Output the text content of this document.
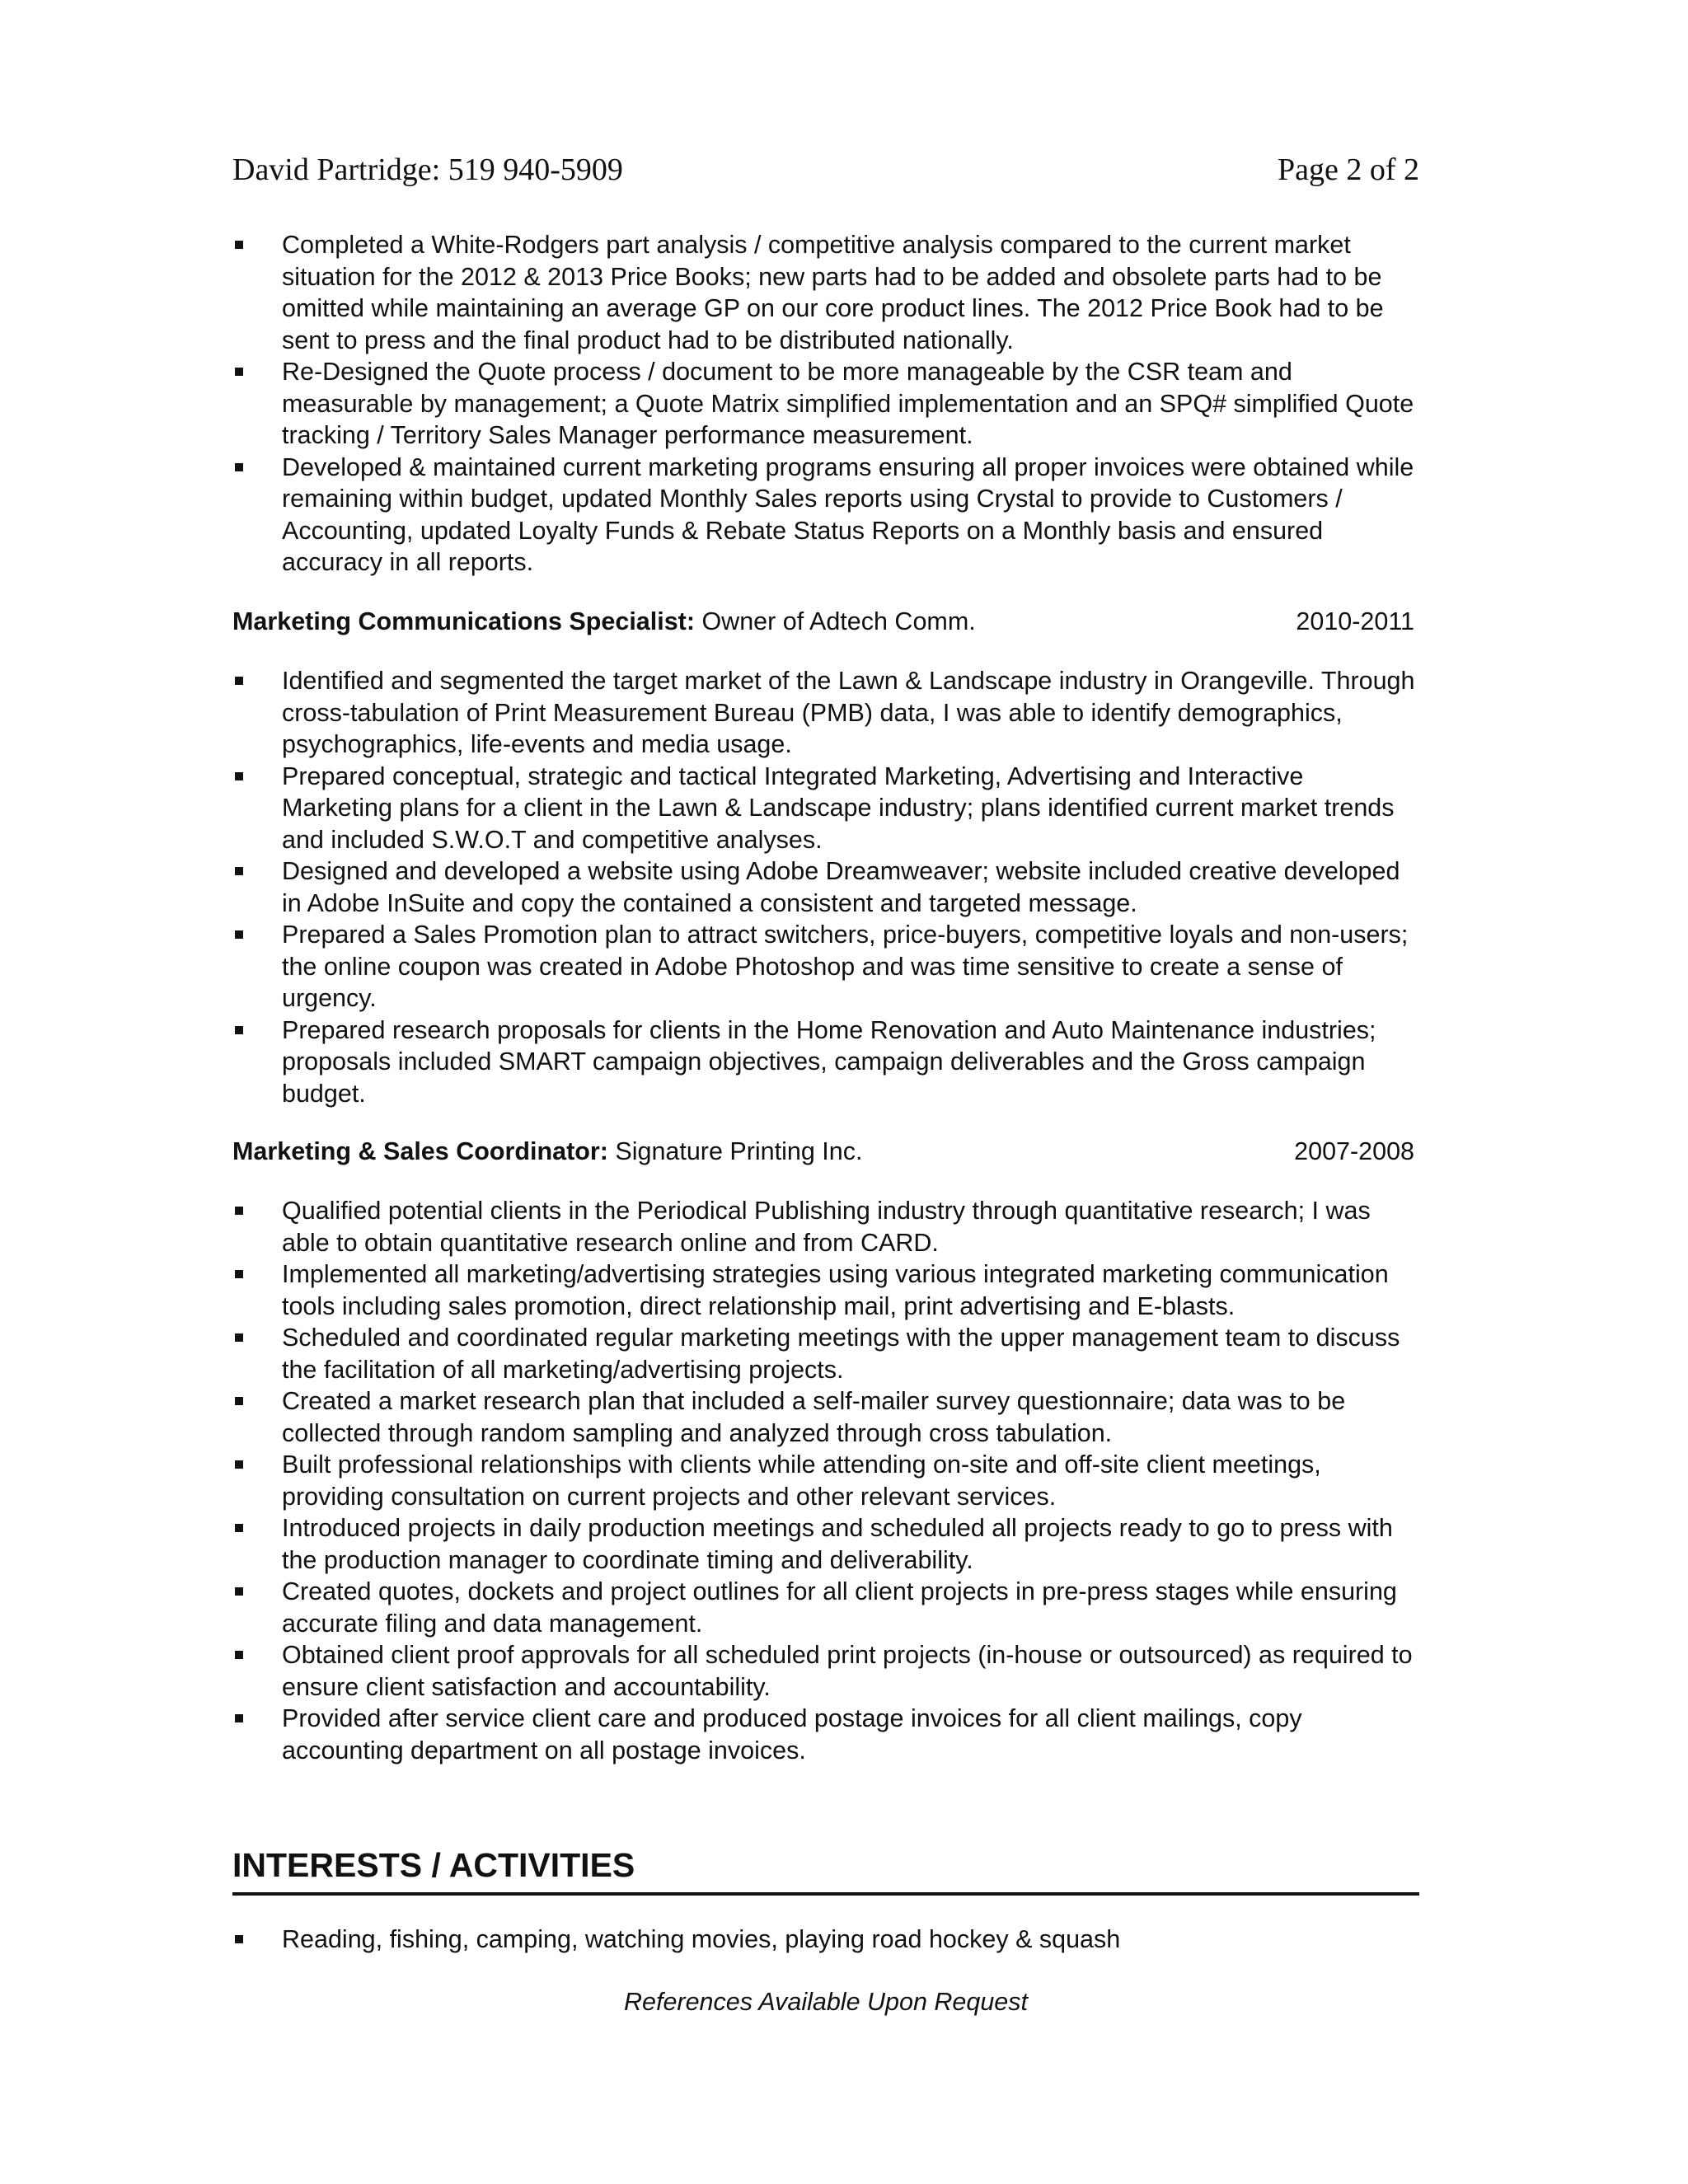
David Partridge: 519 940-5909	Page 2 of 2
Completed a White-Rodgers part analysis / competitive analysis compared to the current market situation for the 2012 & 2013 Price Books; new parts had to be added and obsolete parts had to be omitted while maintaining an average GP on our core product lines. The 2012 Price Book had to be sent to press and the final product had to be distributed nationally.
Re-Designed the Quote process / document to be more manageable by the CSR team and measurable by management; a Quote Matrix simplified implementation and an SPQ# simplified Quote tracking / Territory Sales Manager performance measurement.
Developed & maintained current marketing programs ensuring all proper invoices were obtained while remaining within budget, updated Monthly Sales reports using Crystal to provide to Customers / Accounting, updated Loyalty Funds & Rebate Status Reports on a Monthly basis and ensured accuracy in all reports.
Marketing Communications Specialist: Owner of Adtech Comm.	2010-2011
Identified and segmented the target market of the Lawn & Landscape industry in Orangeville. Through cross-tabulation of Print Measurement Bureau (PMB) data, I was able to identify demographics, psychographics, life-events and media usage.
Prepared conceptual, strategic and tactical Integrated Marketing, Advertising and Interactive Marketing plans for a client in the Lawn & Landscape industry; plans identified current market trends and included S.W.O.T and competitive analyses.
Designed and developed a website using Adobe Dreamweaver; website included creative developed in Adobe InSuite and copy the contained a consistent and targeted message.
Prepared a Sales Promotion plan to attract switchers, price-buyers, competitive loyals and non-users; the online coupon was created in Adobe Photoshop and was time sensitive to create a sense of urgency.
Prepared research proposals for clients in the Home Renovation and Auto Maintenance industries; proposals included SMART campaign objectives, campaign deliverables and the Gross campaign budget.
Marketing & Sales Coordinator: Signature Printing Inc.	2007-2008
Qualified potential clients in the Periodical Publishing industry through quantitative research; I was able to obtain quantitative research online and from CARD.
Implemented all marketing/advertising strategies using various integrated marketing communication tools including sales promotion, direct relationship mail, print advertising and E-blasts.
Scheduled and coordinated regular marketing meetings with the upper management team to discuss the facilitation of all marketing/advertising projects.
Created a market research plan that included a self-mailer survey questionnaire; data was to be collected through random sampling and analyzed through cross tabulation.
Built professional relationships with clients while attending on-site and off-site client meetings, providing consultation on current projects and other relevant services.
Introduced projects in daily production meetings and scheduled all projects ready to go to press with the production manager to coordinate timing and deliverability.
Created quotes, dockets and project outlines for all client projects in pre-press stages while ensuring accurate filing and data management.
Obtained client proof approvals for all scheduled print projects (in-house or outsourced) as required to ensure client satisfaction and accountability.
Provided after service client care and produced postage invoices for all client mailings, copy accounting department on all postage invoices.
INTERESTS / ACTIVITIES
Reading, fishing, camping, watching movies, playing road hockey & squash
References Available Upon Request
